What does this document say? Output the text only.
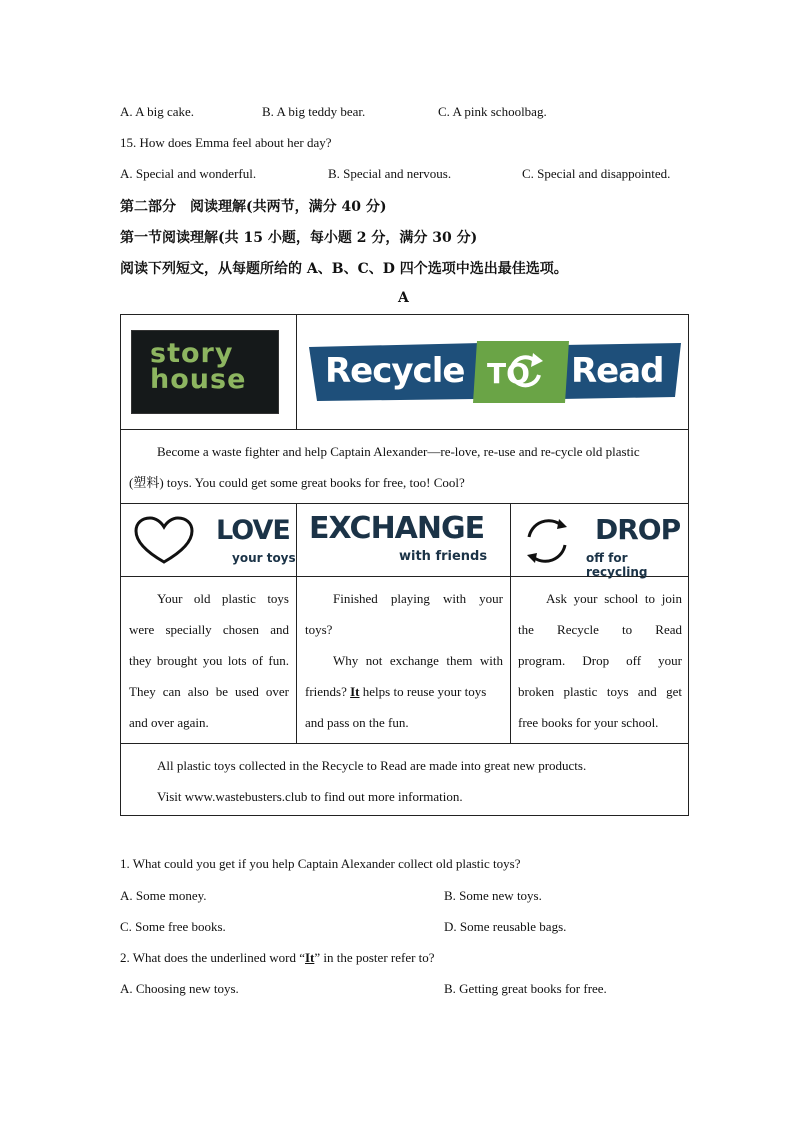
A. A big cake.	B. A big teddy bear.	C. A pink schoolbag.
15. How does Emma feel about her day?
A. Special and wonderful.	B. Special and nervous.	C. Special and disappointed.
第二部分　阅读理解(共两节，满分 40 分)
第一节阅读理解(共 15 小题，每小题 2 分，满分 30 分)
阅读下列短文，从每题所给的 A、B、C、D 四个选项中选出最佳选项。
A
story
house Recycle TO Read
Become a waste fighter and help Captain Alexander—re-love, re-use and re-cycle old plastic
(塑料) toys. You could get some great books for free, too! Cool?
LOVE
your toys
EXCHANGE
with friends
DROP
off for recycling
Your old plastic toys
were specially chosen and
they brought you lots of fun.
They can also be used over
and over again.
Finished playing with your
toys?
Why not exchange them with
friends? It helps to reuse your toys
and pass on the fun.
Ask your school to join
the Recycle to Read
program. Drop off your
broken plastic toys and get
free books for your school.
All plastic toys collected in the Recycle to Read are made into great new products.
Visit www.wastebusters.club to find out more information.
1. What could you get if you help Captain Alexander collect old plastic toys?
A. Some money.	B. Some new toys.
C. Some free books.	D. Some reusable bags.
2. What does the underlined word “It” in the poster refer to?
A. Choosing new toys.	B. Getting great books for free.
